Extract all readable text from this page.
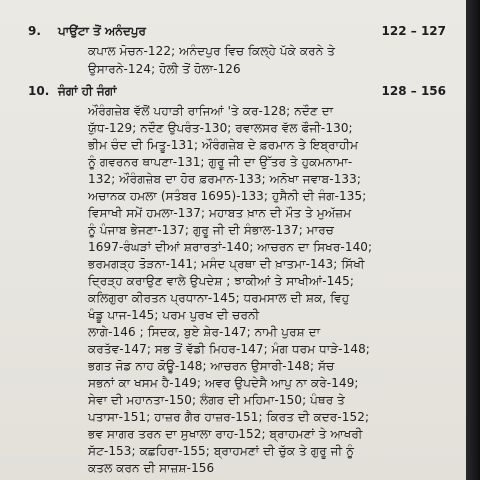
9. ਪਾਉਂਟਾ ਤੋਂ ਅਨੰਦਪੁਰ	122 – 127
ਕਪਾਲ ਮੋਚਨ-122; ਅਨੰਦਪੁਰ ਵਿਚ ਕਿਲ੍ਹੇ ਪੱਕੇ ਕਰਨੇ ਤੇ
ਉਸਾਰਨੇ-124; ਹੋਲੀ ਤੋਂ ਹੋਲਾ-126
10. ਜੰਗਾਂ ਹੀ ਜੰਗਾਂ	128 – 156
ਔਰੰਗਜ਼ੇਬ ਵੱਲੋਂ ਪਹਾੜੀ ਰਾਜਿਆਂ 'ਤੇ ਕਰ-128; ਨਦੌਣ ਦਾ
ਯੁੱਧ-129; ਨਦੌਣ ਉਪਰੰਤ-130; ਰਵਾਲਸਰ ਵੱਲ ਫੌਜੀ-130;
ਭੀਮ ਚੰਦ ਦੀ ਮਿਤੂ-131; ਔਰੰਗਜ਼ੇਬ ਦੇ ਫ਼ਰਮਾਨ ਤੇ ਇਬ੍ਰਾਹੀਮ
ਨੂੰ ਗਵਰਨਰ ਥਾਪਣਾ-131; ਗੁਰੂ ਜੀ ਦਾ ਉੱਤਰ ਤੇ ਹੁਕਮਨਾਮਾ-
132; ਔਰੰਗਜ਼ੇਬ ਦਾ ਹੋਰ ਫ਼ਰਮਾਨ-133; ਅਨੋਖਾ ਜਵਾਬ-133;
ਅਚਾਨਕ ਹਮਲਾ (ਸਤੰਬਰ 1695)-133; ਹੁਸੈਨੀ ਦੀ ਜੰਗ-135;
ਵਿਸਾਖੀ ਸਮੇਂ ਹਮਲਾ-137; ਮਹਾਬਤ ਖ਼ਾਨ ਦੀ ਮੌਤ ਤੇ ਮੁਅੱਜ਼ਮ
ਨੂੰ ਪੰਜਾਬ ਭੇਜਣਾ-137; ਗੁਰੂ ਜੀ ਦੀ ਸੰਭਾਲ-137; ਮਾਰਚ
1697-ਰੰਘੜਾਂ ਦੀਆਂ ਸ਼ਰਾਰਤਾਂ-140; ਆਚਰਨ ਦਾ ਸਿਖਰ-140;
ਭਰਮਗੜ੍ਹ ਤੋੜਨਾ-141; ਮਸੰਦ ਪ੍ਰਥਾ ਦੀ ਖ਼ਾਤਮਾ-143; ਸਿੱਖੀ
ਦ੍ਰਿੜ੍ਹ ਕਰਾਉਣ ਵਾਲੇ ਉਪਦੇਸ਼ ; ਝਾਕੀਆਂ ਤੇ ਸਾਖੀਆਂ-145;
ਕਲਿਗੁਰਾ ਕੀਰਤਨ ਪ੍ਰਧਾਨਾ-145; ਧਰਮਸਾਲ ਦੀ ਸ਼ਕ, ਵਿਹੁ
ਖੰਡੂ ਪਾਜ-145; ਪਰਮ ਪੁਰਖ ਦੀ ਚਰਨੀ
ਲਾਗੇ-146 ; ਸਿਦਕ, ਬੁਏ ਸ਼ੇਰ-147; ਨਾਮੀ ਪੁਰਸ਼ ਦਾ
ਕਰਤੱਵ-147; ਸਭ ਤੋਂ ਵੱਡੀ ਮਿਹਰ-147; ਮੰਗ ਧਰਮ ਧਾੜੇ-148;
ਭਗਤ ਜੋਡ ਨਾਹ ਕੋਊ-148; ਆਚਰਨ ਉਸਾਰੀ-148; ਸੱਚ
ਸਭਨਾਂ ਕਾ ਖਸਮ ਹੈ-149; ਅਵਰ ਉਪਦੇਸੈ ਆਪੁ ਨਾ ਕਰੇ-149;
ਸੇਵਾ ਦੀ ਮਹਾਨਤਾ-150; ਲੰਗਰ ਦੀ ਮਹਿਮਾ-150; ਪੰਥਰ ਤੇ
ਪਤਾਸਾ-151; ਹਾਜ਼ਰ ਗੈਰ ਹਾਜ਼ਰ-151; ਕਿਰਤ ਦੀ ਕਦਰ-152;
ਭਵ ਸਾਗਰ ਤਰਨ ਦਾ ਸੁਖਾਲਾ ਰਾਹ-152; ਬ੍ਰਾਹਮਣਾਂ ਤੇ ਆਖਰੀ
ਸੱਟ-153; ਕਛਹਿਰਾ-155; ਬ੍ਰਾਹਮਣਾਂ ਦੀ ਚੁੱਕ ਤੇ ਗੁਰੂ ਜੀ ਨੂੰ
ਕਤਲ ਕਰਨ ਦੀ ਸਾਜ਼ਸ਼-156
